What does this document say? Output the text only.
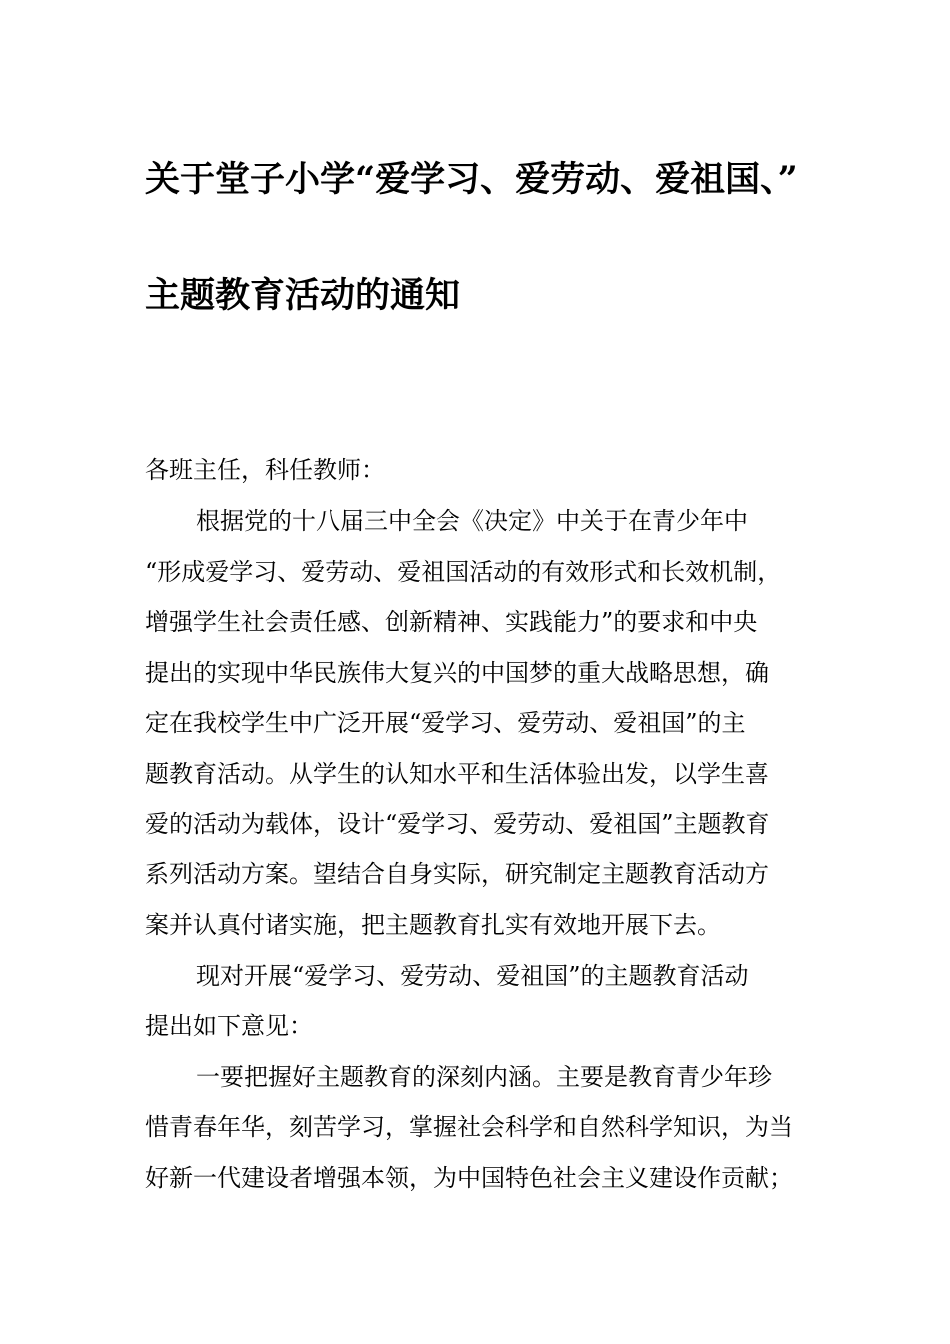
关于堂子小学“爱学习、爱劳动、爱祖国、”
主题教育活动的通知
各班主任，科任教师：
根据党的十八届三中全会《决定》中关于在青少年中
“形成爱学习、爱劳动、爱祖国活动的有效形式和长效机制，
增强学生社会责任感、创新精神、实践能力”的要求和中央
提出的实现中华民族伟大复兴的中国梦的重大战略思想，确
定在我校学生中广泛开展“爱学习、爱劳动、爱祖国”的主
题教育活动。从学生的认知水平和生活体验出发，以学生喜
爱的活动为载体，设计“爱学习、爱劳动、爱祖国”主题教育
系列活动方案。望结合自身实际，研究制定主题教育活动方
案并认真付诸实施，把主题教育扎实有效地开展下去。
现对开展“爱学习、爱劳动、爱祖国”的主题教育活动
提出如下意见：
一要把握好主题教育的深刻内涵。主要是教育青少年珍
惜青春年华，刻苦学习，掌握社会科学和自然科学知识，为当
好新一代建设者增强本领，为中国特色社会主义建设作贡献；
